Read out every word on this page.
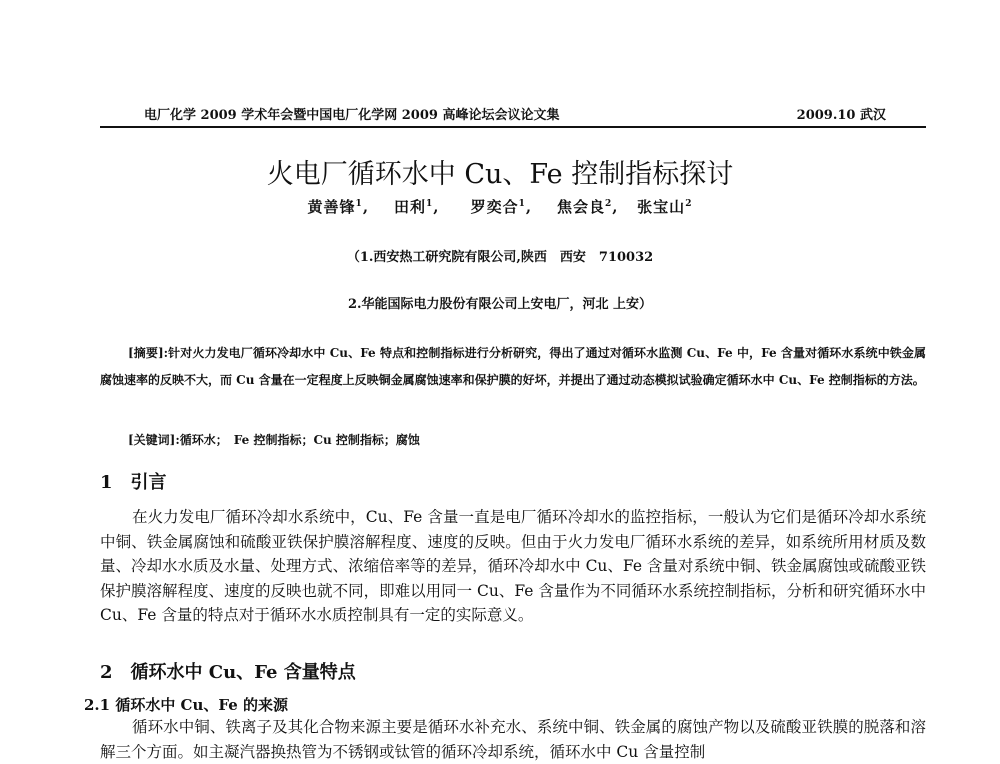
电厂化学 2009 学术年会暨中国电厂化学网 2009 高峰论坛会议论文集	2009.10 武汉
火电厂循环水中 Cu、Fe 控制指标探讨
黄善锋$^1$, 田利$^1$, 罗奕合$^1$, 焦会良$^2$, 张宝山$^2$
（1.西安热工研究院有限公司,陕西　西安　710032
2.华能国际电力股份有限公司上安电厂，河北 上安）
[摘要]:针对火力发电厂循环冷却水中 Cu、Fe 特点和控制指标进行分析研究，得出了通过对循环水监测 Cu、Fe 中，Fe 含量对循环水系统中铁金属腐蚀速率的反映不大，而 Cu 含量在一定程度上反映铜金属腐蚀速率和保护膜的好坏，并提出了通过动态模拟试验确定循环水中 Cu、Fe 控制指标的方法。
[关键词]:循环水；　Fe 控制指标；Cu 控制指标；腐蚀
1　引言
在火力发电厂循环冷却水系统中，Cu、Fe 含量一直是电厂循环冷却水的监控指标，一般认为它们是循环冷却水系统中铜、铁金属腐蚀和硫酸亚铁保护膜溶解程度、速度的反映。但由于火力发电厂循环水系统的差异，如系统所用材质及数量、冷却水水质及水量、处理方式、浓缩倍率等的差异，循环冷却水中 Cu、Fe 含量对系统中铜、铁金属腐蚀或硫酸亚铁保护膜溶解程度、速度的反映也就不同，即难以用同一 Cu、Fe 含量作为不同循环水系统控制指标，分析和研究循环水中 Cu、Fe 含量的特点对于循环水水质控制具有一定的实际意义。
2　循环水中 Cu、Fe 含量特点
2.1 循环水中 Cu、Fe 的来源
循环水中铜、铁离子及其化合物来源主要是循环水补充水、系统中铜、铁金属的腐蚀产物以及硫酸亚铁膜的脱落和溶解三个方面。如主凝汽器换热管为不锈钢或钛管的循环冷却系统，循环水中 Cu 含量控制
